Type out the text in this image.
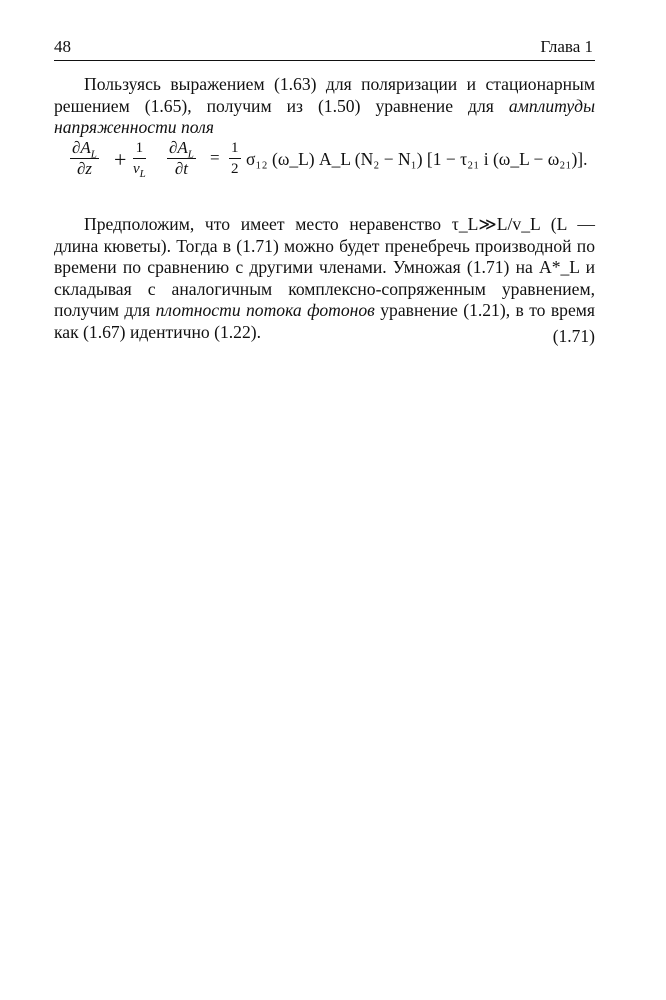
48	Глава 1

Пользуясь выражением (1.63) для поляризации и стационарным решением (1.65), получим из (1.50) уравнение для амплитуды напряженности поля

$\frac{\partial A_L}{\partial z} + \frac{1}{v_L} \frac{\partial A_L}{\partial t} = \frac{1}{2} \sigma_{12}$ (ω_L) A_L (N₂ − N₁) [1 − τ₂₁ i (ω_L − ω₂₁)].
(1.71)

Предположим, что имеет место неравенство τ_L≫L/v_L (L — длина кюветы). Тогда в (1.71) можно будет пренебречь производной по времени по сравнению с другими членами. Умножая (1.71) на A*_L и складывая с аналогичным комплексно-сопряженным уравнением, получим для плотности потока фотонов уравнение (1.21), в то время как (1.67) идентично (1.22).
